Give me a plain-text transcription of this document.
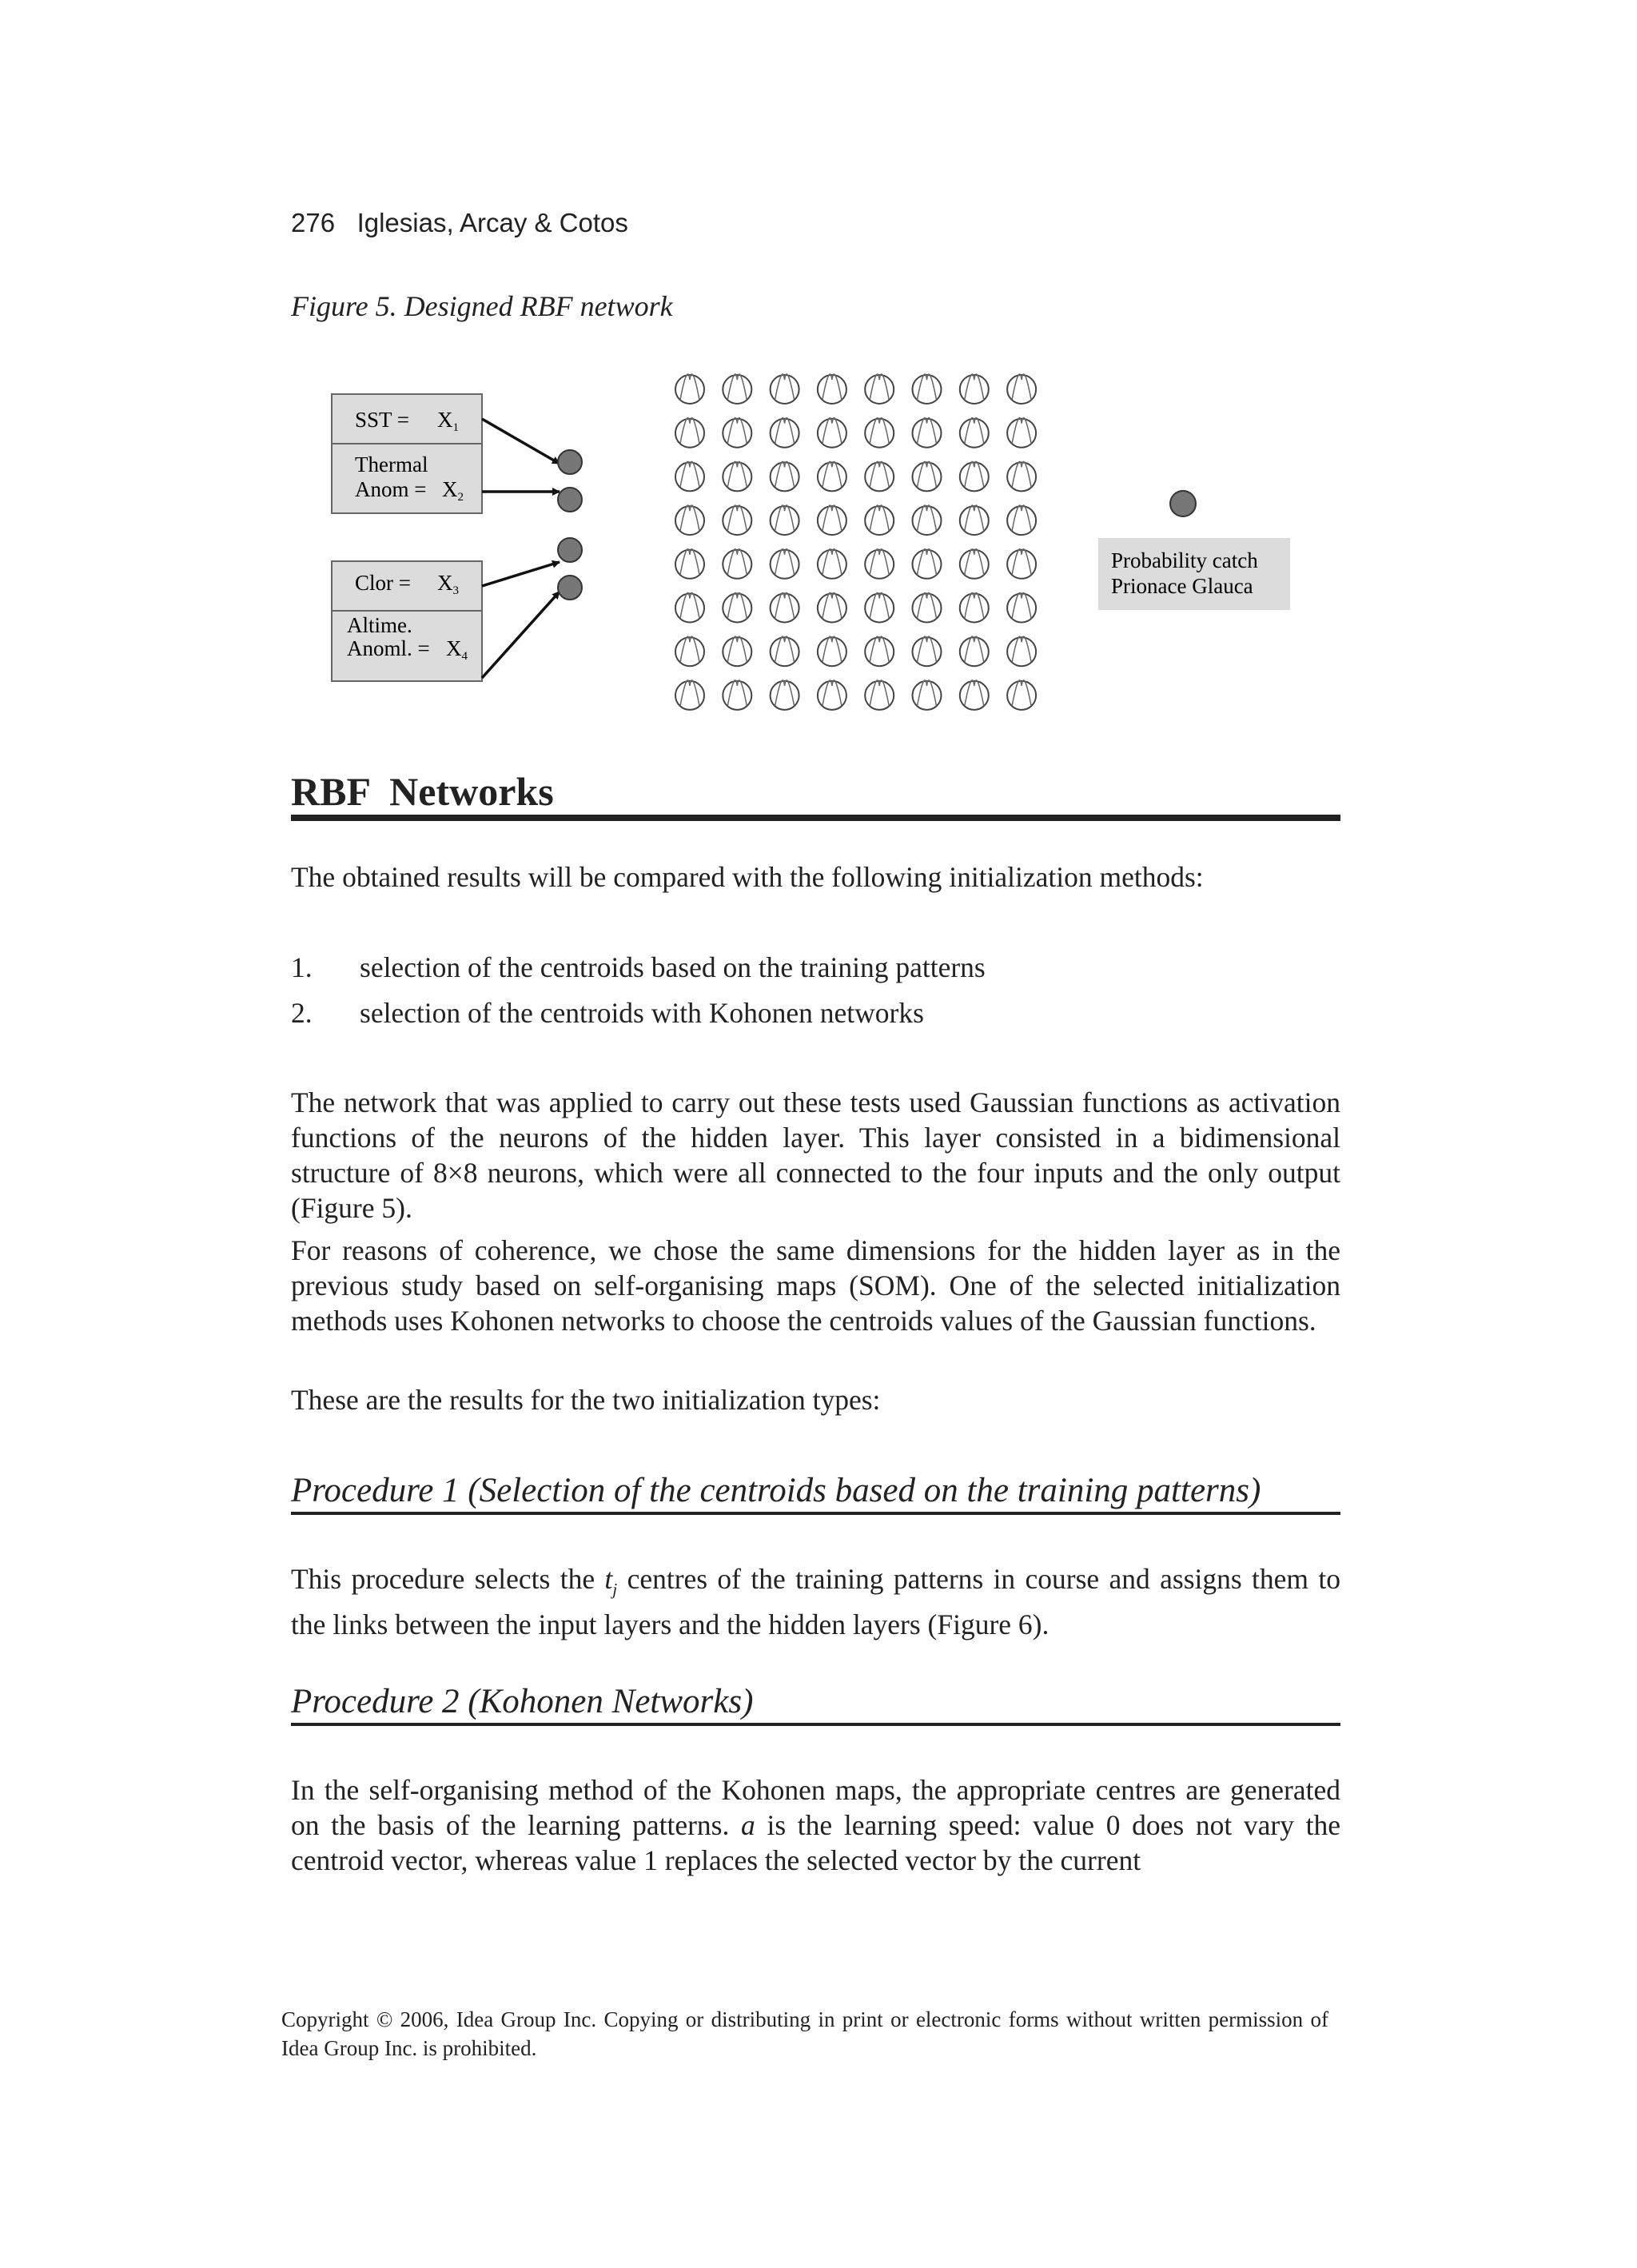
276   Iglesias, Arcay & Cotos
Figure 5. Designed RBF network
SST = X1
Thermal
Anom = X2
Clor = X3
Altime.
Anoml. = X4
Probability catch
Prionace Glauca
RBF  Networks

The obtained results will be compared with the following initialization methods:

1. selection of the centroids based on the training patterns
2. selection of the centroids with Kohonen networks

The network that was applied to carry out these tests used Gaussian functions as activation functions of the neurons of the hidden layer. This layer consisted in a bidimensional structure of 8×8 neurons, which were all connected to the four inputs and the only output (Figure 5).

For reasons of coherence, we chose the same dimensions for the hidden layer as in the previous study based on self-organising maps (SOM). One of the selected initialization methods uses Kohonen networks to choose the centroids values of the Gaussian functions.

These are the results for the two initialization types:

Procedure 1 (Selection of the centroids based on the training patterns)

This procedure selects the $t_j$ centres of the training patterns in course and assigns them to the links between the input layers and the hidden layers (Figure 6).

Procedure 2 (Kohonen Networks)

In the self-organising method of the Kohonen maps, the appropriate centres are generated on the basis of the learning patterns. a is the learning speed: value 0 does not vary the centroid vector, whereas value 1 replaces the selected vector by the current

Copyright © 2006, Idea Group Inc. Copying or distributing in print or electronic forms without written permission of Idea Group Inc. is prohibited.
